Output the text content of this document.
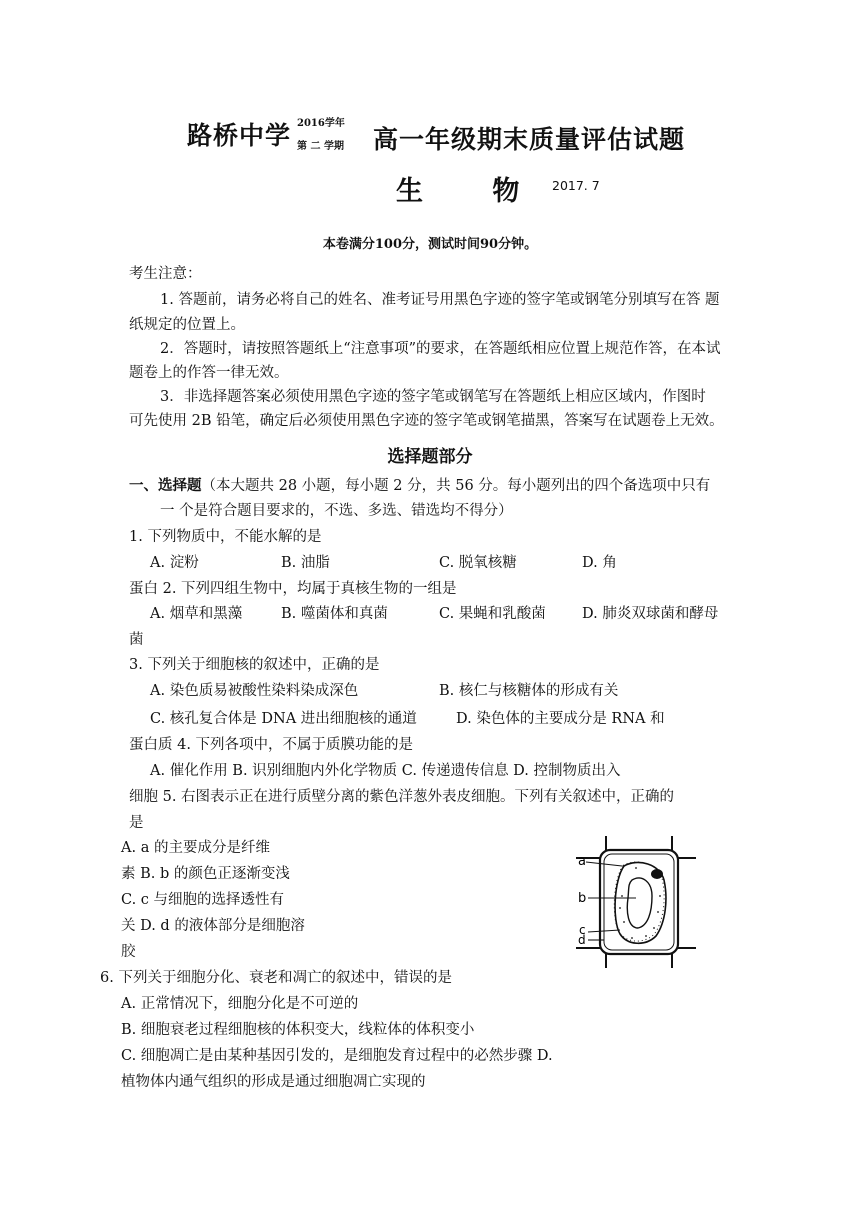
路桥中学 2016学年
第 二 学期 高一年级期末质量评估试题
生 物 2017. 7
本卷满分100分，测试时间90分钟。
考生注意：
1. 答题前，请务必将自己的姓名、准考证号用黑色字迹的签字笔或钢笔分别填写在答 题
纸规定的位置上。
2．答题时，请按照答题纸上“注意事项”的要求，在答题纸相应位置上规范作答，在本试
题卷上的作答一律无效。
3．非选择题答案必须使用黑色字迹的签字笔或钢笔写在答题纸上相应区域内，作图时
可先使用 2B 铅笔，确定后必须使用黑色字迹的签字笔或钢笔描黑，答案写在试题卷上无效。
选择题部分
一、选择题（本大题共 28 小题，每小题 2 分，共 56 分。每小题列出的四个备选项中只有
一 个是符合题目要求的，不选、多选、错选均不得分）
1. 下列物质中，不能水解的是
A. 淀粉	B. 油脂	C. 脱氧核糖	D. 角
蛋白 2. 下列四组生物中，均属于真核生物的一组是
A. 烟草和黑藻	B. 噬菌体和真菌	C. 果蝇和乳酸菌 D. 肺炎双球菌和酵母
菌
3. 下列关于细胞核的叙述中，正确的是
A. 染色质易被酸性染料染成深色	B. 核仁与核糖体的形成有关
C. 核孔复合体是 DNA 进出细胞核的通道	D. 染色体的主要成分是 RNA 和
蛋白质 4. 下列各项中，不属于质膜功能的是
A. 催化作用 B. 识别细胞内外化学物质 C. 传递遗传信息 D. 控制物质出入
细胞 5. 右图表示正在进行质壁分离的紫色洋葱外表皮细胞。下列有关叙述中，正确的
是
A. a 的主要成分是纤维
素 B. b 的颜色正逐渐变浅
C. c 与细胞的选择透性有
关 D. d 的液体部分是细胞溶
胶
a
b
c
d
6. 下列关于细胞分化、衰老和凋亡的叙述中，错误的是
A. 正常情况下，细胞分化是不可逆的
B. 细胞衰老过程细胞核的体积变大，线粒体的体积变小
C. 细胞凋亡是由某种基因引发的，是细胞发育过程中的必然步骤 D.
植物体内通气组织的形成是通过细胞凋亡实现的
